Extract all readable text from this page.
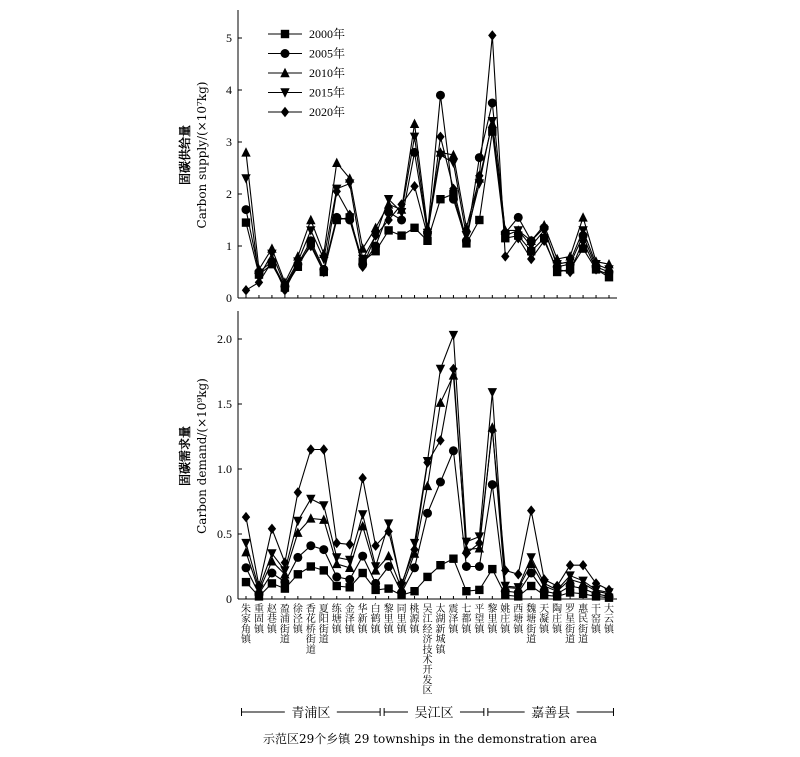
0
1
2
3
4
5
固碳供给量 Carbon supply/(×10⁷kg)
2000年
2005年
2010年
2015年
2020年
0
0.5
1.0
1.5
2.0
固碳需求量 Carbon demand/(×10⁹kg)
朱家角镇
重固镇
赵巷镇
盈浦街道
徐泾镇
香花桥街道
夏阳街道
练塘镇
金泽镇
华新镇
白鹤镇
黎里镇
同里镇
桃源镇
吴江经济技术开发区
太湖新城镇
震泽镇
七都镇
平望镇
黎里镇
姚庄镇
西塘镇
魏塘街道
天凝镇
陶庄镇
罗星街道
惠民街道
干窑镇
大云镇
青浦区	吴江区	嘉善县
示范区29个乡镇 29 townships in the demonstration area
